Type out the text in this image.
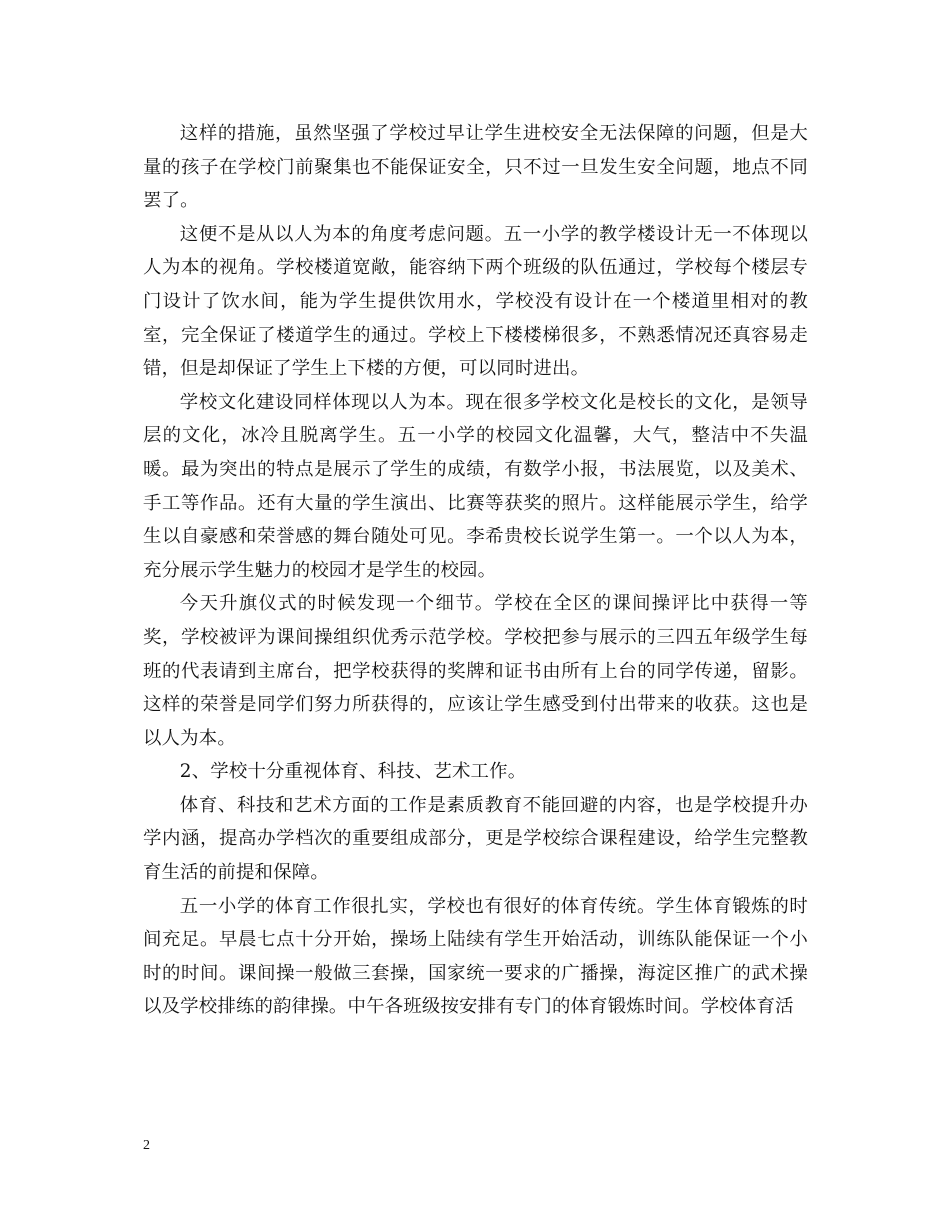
这样的措施，虽然坚强了学校过早让学生进校安全无法保障的问题，但是大量的孩子在学校门前聚集也不能保证安全，只不过一旦发生安全问题，地点不同罢了。

这便不是从以人为本的角度考虑问题。五一小学的教学楼设计无一不体现以人为本的视角。学校楼道宽敞，能容纳下两个班级的队伍通过，学校每个楼层专门设计了饮水间，能为学生提供饮用水，学校没有设计在一个楼道里相对的教室，完全保证了楼道学生的通过。学校上下楼楼梯很多，不熟悉情况还真容易走错，但是却保证了学生上下楼的方便，可以同时进出。

学校文化建设同样体现以人为本。现在很多学校文化是校长的文化，是领导层的文化，冰冷且脱离学生。五一小学的校园文化温馨，大气，整洁中不失温暖。最为突出的特点是展示了学生的成绩，有数学小报，书法展览，以及美术、手工等作品。还有大量的学生演出、比赛等获奖的照片。这样能展示学生，给学生以自豪感和荣誉感的舞台随处可见。李希贵校长说学生第一。一个以人为本，充分展示学生魅力的校园才是学生的校园。

今天升旗仪式的时候发现一个细节。学校在全区的课间操评比中获得一等奖，学校被评为课间操组织优秀示范学校。学校把参与展示的三四五年级学生每班的代表请到主席台，把学校获得的奖牌和证书由所有上台的同学传递，留影。这样的荣誉是同学们努力所获得的，应该让学生感受到付出带来的收获。这也是以人为本。

2、学校十分重视体育、科技、艺术工作。

体育、科技和艺术方面的工作是素质教育不能回避的内容，也是学校提升办学内涵，提高办学档次的重要组成部分，更是学校综合课程建设，给学生完整教育生活的前提和保障。

五一小学的体育工作很扎实，学校也有很好的体育传统。学生体育锻炼的时间充足。早晨七点十分开始，操场上陆续有学生开始活动，训练队能保证一个小时的时间。课间操一般做三套操，国家统一要求的广播操，海淀区推广的武术操以及学校排练的韵律操。中午各班级按安排有专门的体育锻炼时间。学校体育活

2
